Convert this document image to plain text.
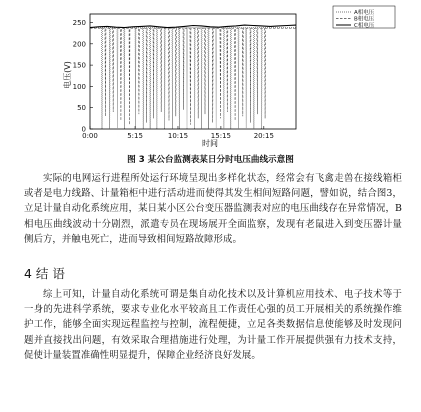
0
50
100
150
200
250
0:00	5:15	10:15	15:15	20:15
电压(V)
时间
A相电压
B相电压
C相电压

图 3 某公台监测表某日分时电压曲线示意图

实际的电网运行进程所处运行环境呈现出多样化状态，经常会有飞禽走兽在接线箱柜或者是电力线路、计量箱柜中进行活动进而使得其发生相间短路问题，譬如说，结合图3，立足计量自动化系统应用，某日某小区公台变压器监测表对应的电压曲线存在异常情况，B相电压曲线波动十分剧烈，派遣专员在现场展开全面监察，发现有老鼠进入到变压器计量侧后方，并触电死亡，进而导致相间短路故障形成。

4 结 语

综上可知，计量自动化系统可谓是集自动化技术以及计算机应用技术、电子技术等于一身的先进科学系统，要求专业化水平较高且工作责任心强的员工开展相关的系统操作维护工作，能够全面实现远程监控与控制，流程便捷，立足各类数据信息使能够及时发现问题并直接找出问题，有效采取合理措施进行处理，为计量工作开展提供强有力技术支持，促使计量装置准确性明显提升，保障企业经济良好发展。
